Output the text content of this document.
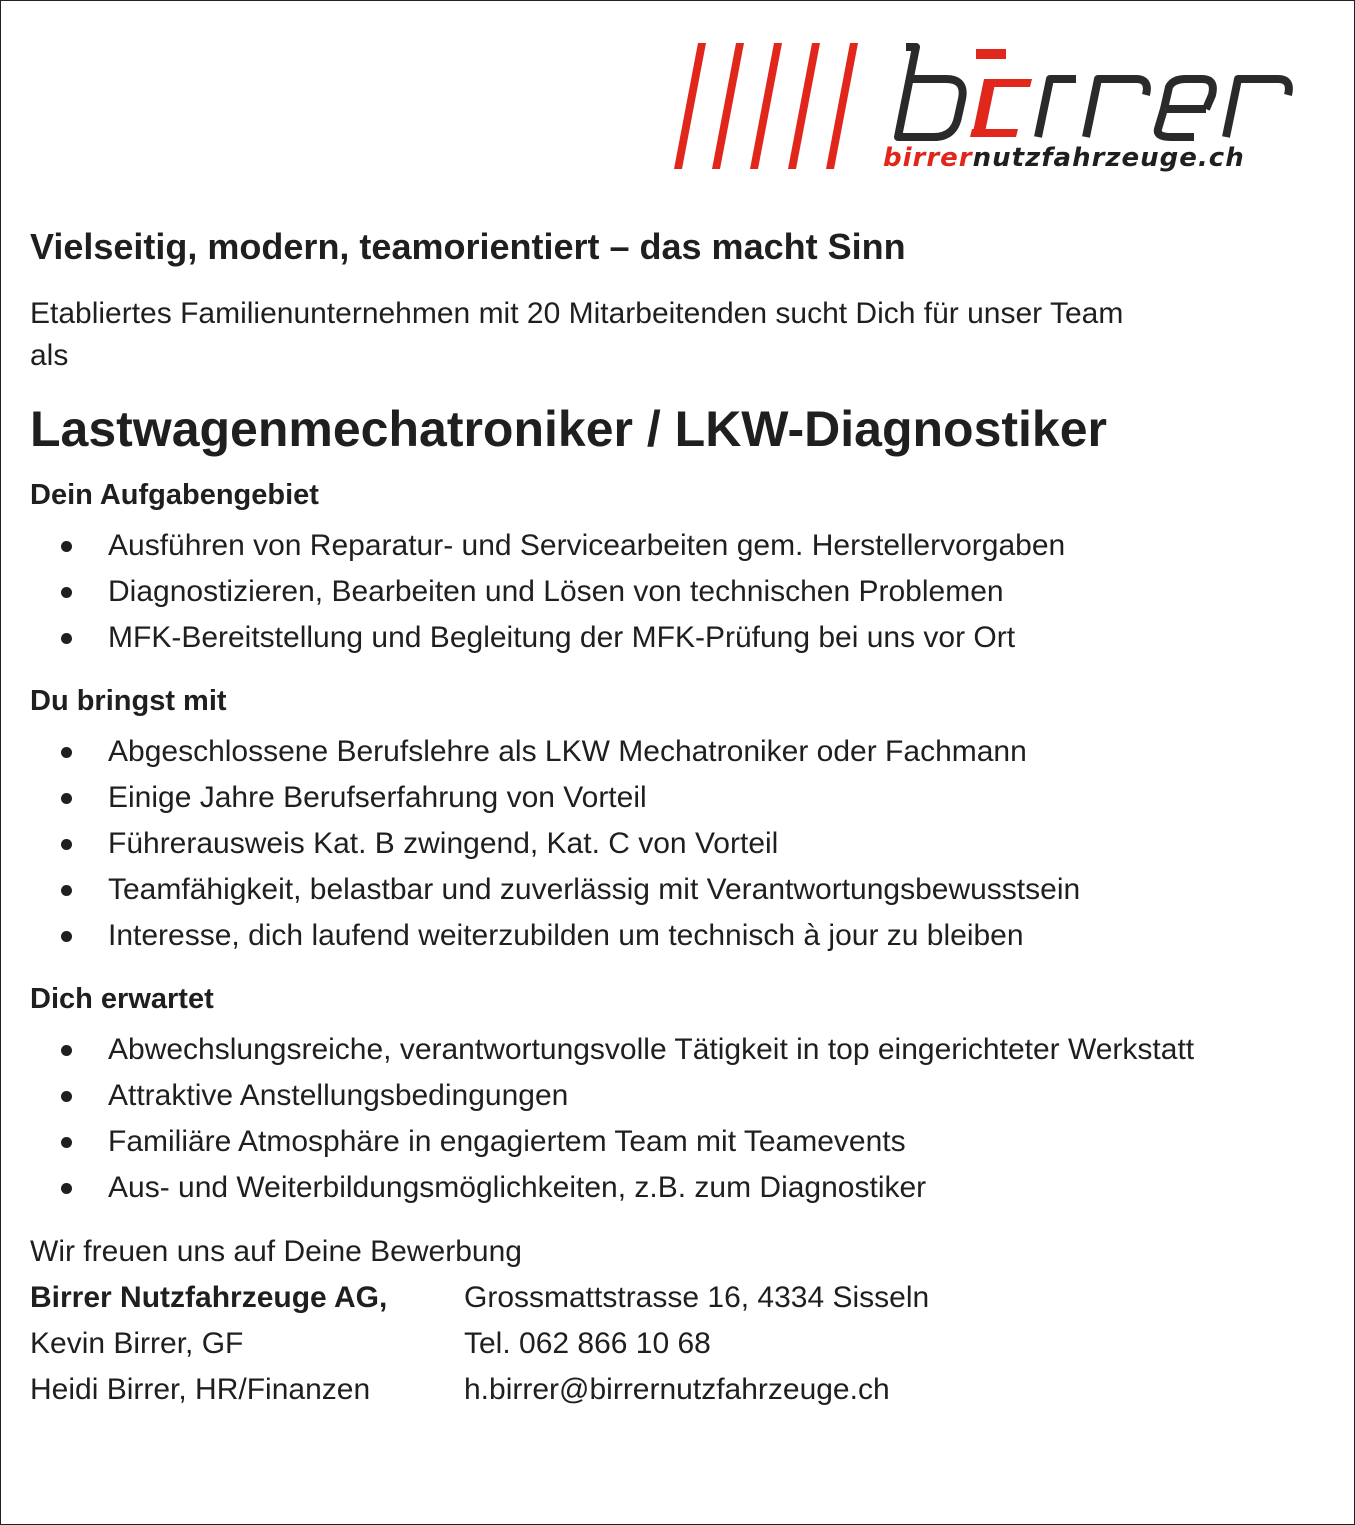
birrernutzfahrzeuge.ch
Vielseitig, modern, teamorientiert – das macht Sinn

Etabliertes Familienunternehmen mit 20 Mitarbeitenden sucht Dich für unser Team als

Lastwagenmechatroniker / LKW-Diagnostiker
Dein Aufgabengebiet
Ausführen von Reparatur- und Servicearbeiten gem. Herstellervorgaben
Diagnostizieren, Bearbeiten und Lösen von technischen Problemen
MFK-Bereitstellung und Begleitung der MFK-Prüfung bei uns vor Ort
Du bringst mit
Abgeschlossene Berufslehre als LKW Mechatroniker oder Fachmann
Einige Jahre Berufserfahrung von Vorteil
Führerausweis Kat. B zwingend, Kat. C von Vorteil
Teamfähigkeit, belastbar und zuverlässig mit Verantwortungsbewusstsein
Interesse, dich laufend weiterzubilden um technisch à jour zu bleiben
Dich erwartet
Abwechslungsreiche, verantwortungsvolle Tätigkeit in top eingerichteter Werkstatt
Attraktive Anstellungsbedingungen
Familiäre Atmosphäre in engagiertem Team mit Teamevents
Aus- und Weiterbildungsmöglichkeiten, z.B. zum Diagnostiker
Wir freuen uns auf Deine Bewerbung
Birrer Nutzfahrzeuge AG,	Grossmattstrasse 16, 4334 Sisseln
Kevin Birrer, GF	Tel. 062 866 10 68
Heidi Birrer, HR/Finanzen	h.birrer@birrernutzfahrzeuge.ch
